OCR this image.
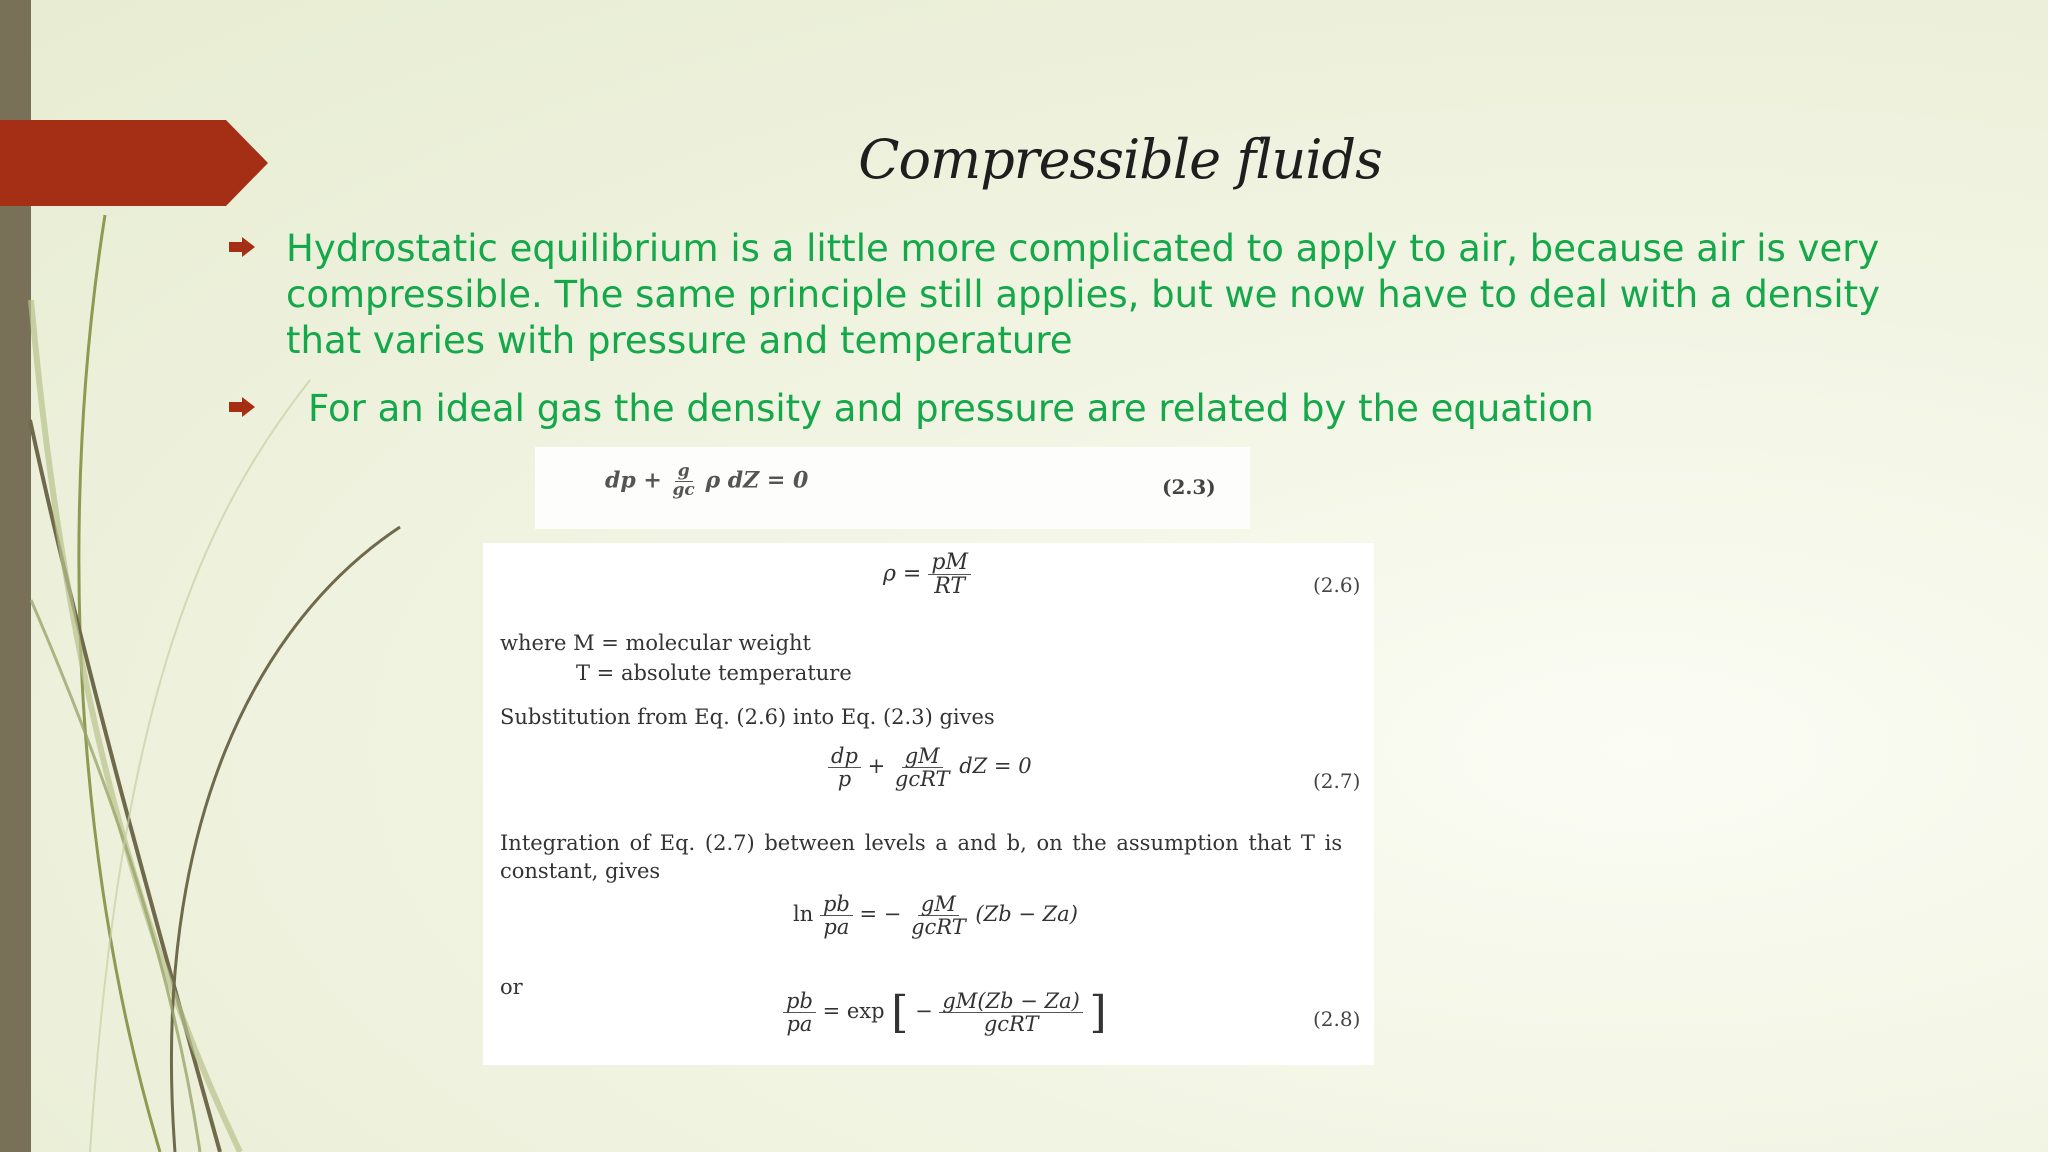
Compressible fluids
Hydrostatic equilibrium is a little more complicated to apply to air, because air is very compressible. The same principle still applies, but we now have to deal with a density that varies with pressure and temperature
For an ideal gas the density and pressure are related by the equation
dp + $\frac{g}{gc}$ ρ dZ = 0	(2.3)
$\rho = \frac{pM}{RT}$	(2.6)
where M = molecular weight
T = absolute temperature
Substitution from Eq. (2.6) into Eq. (2.3) gives
$\frac{dp}{p} + \frac{gM}{\text{gcRT}}$ dZ = 0
(2.7)
Integration of Eq. (2.7) between levels a and b, on the assumption that T is
constant, gives
$\ln \frac{pb}{pa}$ = − $\frac{gM}{\text{gcRT}} (Zb - Za)$
or
$\frac{pb}{pa} = \exp$ [ − $\frac{gM(Zb - Za)}{\text{gcRT}}$ ]	(2.8)
